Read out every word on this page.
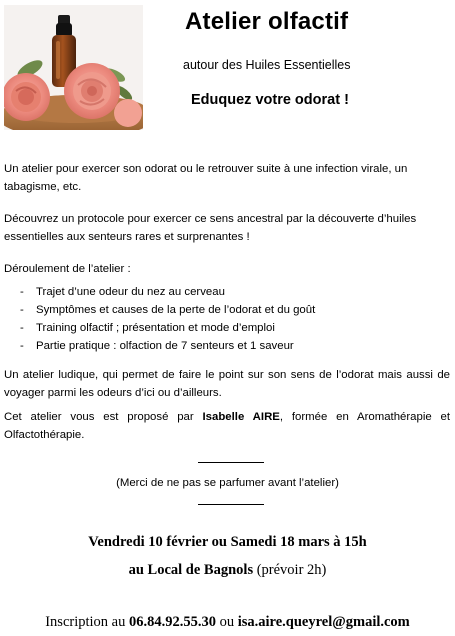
Atelier olfactif
autour des Huiles Essentielles
Eduquez votre odorat !
Un atelier pour exercer son odorat ou le retrouver suite à une infection virale, un tabagisme, etc.
Découvrez un protocole pour exercer ce sens ancestral par la découverte d’huiles essentielles aux senteurs rares et surprenantes !
Déroulement de l’atelier :
- Trajet d’une odeur du nez au cerveau
- Symptômes et causes de la perte de l’odorat et du goût
- Training olfactif ; présentation et mode d’emploi
- Partie pratique : olfaction de 7 senteurs et 1 saveur
Un atelier ludique, qui permet de faire le point sur son sens de l’odorat mais aussi de voyager parmi les odeurs d’ici ou d’ailleurs.
Cet atelier vous est proposé par Isabelle AIRE, formée en Aromathérapie et Olfactothérapie.
(Merci de ne pas se parfumer avant l’atelier)
Vendredi 10 février ou Samedi 18 mars à 15h
au Local de Bagnols (prévoir 2h)
Inscription au 06.84.92.55.30 ou isa.aire.queyrel@gmail.com
